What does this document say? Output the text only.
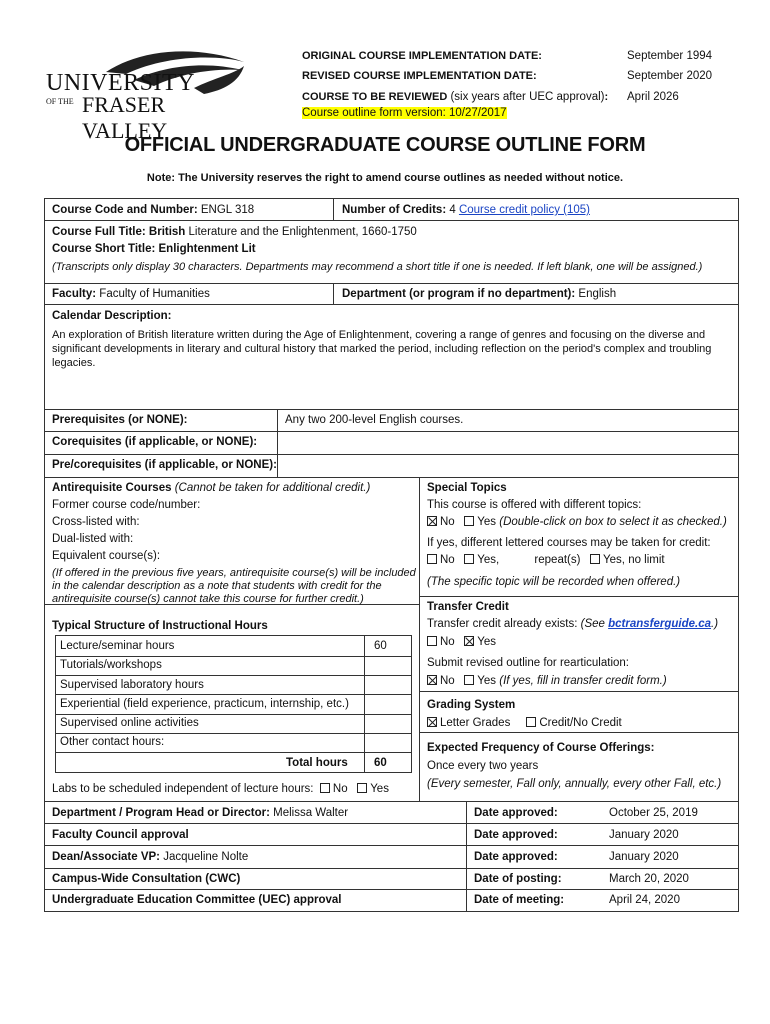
UNIVERSITY
OF THE FRASER VALLEY
ORIGINAL COURSE IMPLEMENTATION DATE:	September 1994
REVISED COURSE IMPLEMENTATION DATE:	September 2020
COURSE TO BE REVIEWED (six years after UEC approval): April 2026
Course outline form version: 10/27/2017
OFFICIAL UNDERGRADUATE COURSE OUTLINE FORM
Note: The University reserves the right to amend course outlines as needed without notice.
Course Code and Number: ENGL 318	Number of Credits: 4 Course credit policy (105)
Course Full Title: British Literature and the Enlightenment, 1660-1750
Course Short Title: Enlightenment Lit
(Transcripts only display 30 characters. Departments may recommend a short title if one is needed. If left blank, one will be assigned.)
Faculty: Faculty of Humanities	Department (or program if no department): English
Calendar Description:
An exploration of British literature written during the Age of Enlightenment, covering a range of genres and focusing on the diverse and significant developments in literary and cultural history that marked the period, including reflection on the period's complex and troubling legacies.
Prerequisites (or NONE):	Any two 200-level English courses.
Corequisites (if applicable, or NONE):
Pre/corequisites (if applicable, or NONE):
Antirequisite Courses (Cannot be taken for additional credit.)
Former course code/number:
Cross-listed with:
Dual-listed with:
Equivalent course(s):
(If offered in the previous five years, antirequisite course(s) will be included in the calendar description as a note that students with credit for the antirequisite course(s) cannot take this course for further credit.)
Typical Structure of Instructional Hours
Lecture/seminar hours	60
Tutorials/workshops
Supervised laboratory hours
Experiential (field experience, practicum, internship, etc.)
Supervised online activities
Other contact hours:
Total hours 60
Labs to be scheduled independent of lecture hours: No Yes
Special Topics
This course is offered with different topics:
No Yes (Double-click on box to select it as checked.)
If yes, different lettered courses may be taken for credit:
No Yes,	repeat(s) Yes, no limit
(The specific topic will be recorded when offered.)
Transfer Credit
Transfer credit already exists: (See bctransferguide.ca.)
No Yes
Submit revised outline for rearticulation:
No Yes (If yes, fill in transfer credit form.)
Grading System
Letter Grades	Credit/No Credit
Expected Frequency of Course Offerings:
Once every two years
(Every semester, Fall only, annually, every other Fall, etc.)
Department / Program Head or Director: Melissa Walter	Date approved:	October 25, 2019
Faculty Council approval	Date approved:	January 2020
Dean/Associate VP: Jacqueline Nolte	Date approved:	January 2020
Campus-Wide Consultation (CWC)	Date of posting:	March 20, 2020
Undergraduate Education Committee (UEC) approval	Date of meeting:	April 24, 2020
